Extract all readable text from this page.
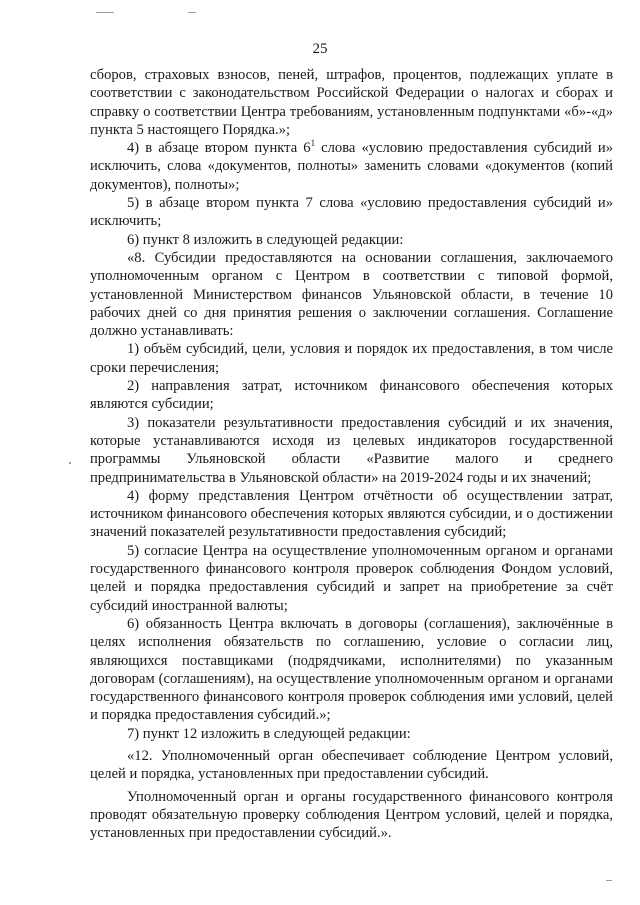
25

сборов, страховых взносов, пеней, штрафов, процентов, подлежащих уплате в соответствии с законодательством Российской Федерации о налогах и сборах и справку о соответствии Центра требованиям, установленным подпунктами «б»-«д» пункта 5 настоящего Порядка.»;

4) в абзаце втором пункта $6^1$ слова «условию предоставления субсидий и» исключить, слова «документов, полноты» заменить словами «документов (копий документов), полноты»;

5) в абзаце втором пункта 7 слова «условию предоставления субсидий и» исключить;

6) пункт 8 изложить в следующей редакции:

«8. Субсидии предоставляются на основании соглашения, заключаемого уполномоченным органом с Центром в соответствии с типовой формой, установленной Министерством финансов Ульяновской области, в течение 10 рабочих дней со дня принятия решения о заключении соглашения. Соглашение должно устанавливать:

1) объём субсидий, цели, условия и порядок их предоставления, в том числе сроки перечисления;

2) направления затрат, источником финансового обеспечения которых являются субсидии;

3) показатели результативности предоставления субсидий и их значения, которые устанавливаются исходя из целевых индикаторов государственной программы Ульяновской области «Развитие малого и среднего предпринимательства в Ульяновской области» на 2019-2024 годы и их значений;

4) форму представления Центром отчётности об осуществлении затрат, источником финансового обеспечения которых являются субсидии, и о достижении значений показателей результативности предоставления субсидий;

5) согласие Центра на осуществление уполномоченным органом и органами государственного финансового контроля проверок соблюдения Фондом условий, целей и порядка предоставления субсидий и запрет на приобретение за счёт субсидий иностранной валюты;

6) обязанность Центра включать в договоры (соглашения), заключённые в целях исполнения обязательств по соглашению, условие о согласии лиц, являющихся поставщиками (подрядчиками, исполнителями) по указанным договорам (соглашениям), на осуществление уполномоченным органом и органами государственного финансового контроля проверок соблюдения ими условий, целей и порядка предоставления субсидий.»;

7) пункт 12 изложить в следующей редакции:

«12. Уполномоченный орган обеспечивает соблюдение Центром условий, целей и порядка, установленных при предоставлении субсидий.

Уполномоченный орган и органы государственного финансового контроля проводят обязательную проверку соблюдения Центром условий, целей и порядка, установленных при предоставлении субсидий.».
